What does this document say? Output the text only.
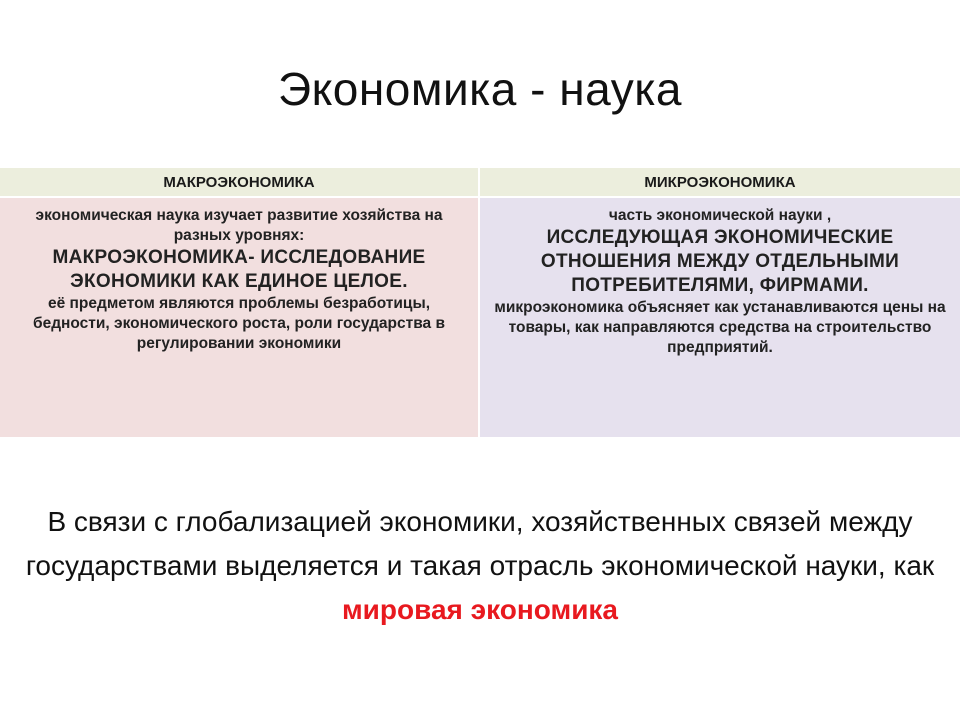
Экономика - наука
МАКРОЭКОНОМИКА	МИКРОЭКОНОМИКА
экономическая наука изучает развитие хозяйства на разных уровнях:
МАКРОЭКОНОМИКА- ИССЛЕДОВАНИЕ ЭКОНОМИКИ КАК ЕДИНОЕ ЦЕЛОЕ.
её предметом являются проблемы безработицы, бедности, экономического роста, роли государства в регулировании экономики
часть экономической науки ,
ИССЛЕДУЮЩАЯ ЭКОНОМИЧЕСКИЕ ОТНОШЕНИЯ МЕЖДУ ОТДЕЛЬНЫМИ ПОТРЕБИТЕЛЯМИ, ФИРМАМИ.
микроэкономика объясняет как устанавливаются цены на товары, как направляются средства на строительство предприятий.
В связи с глобализацией экономики, хозяйственных связей между государствами выделяется и такая отрасль экономической науки, как мировая экономика
